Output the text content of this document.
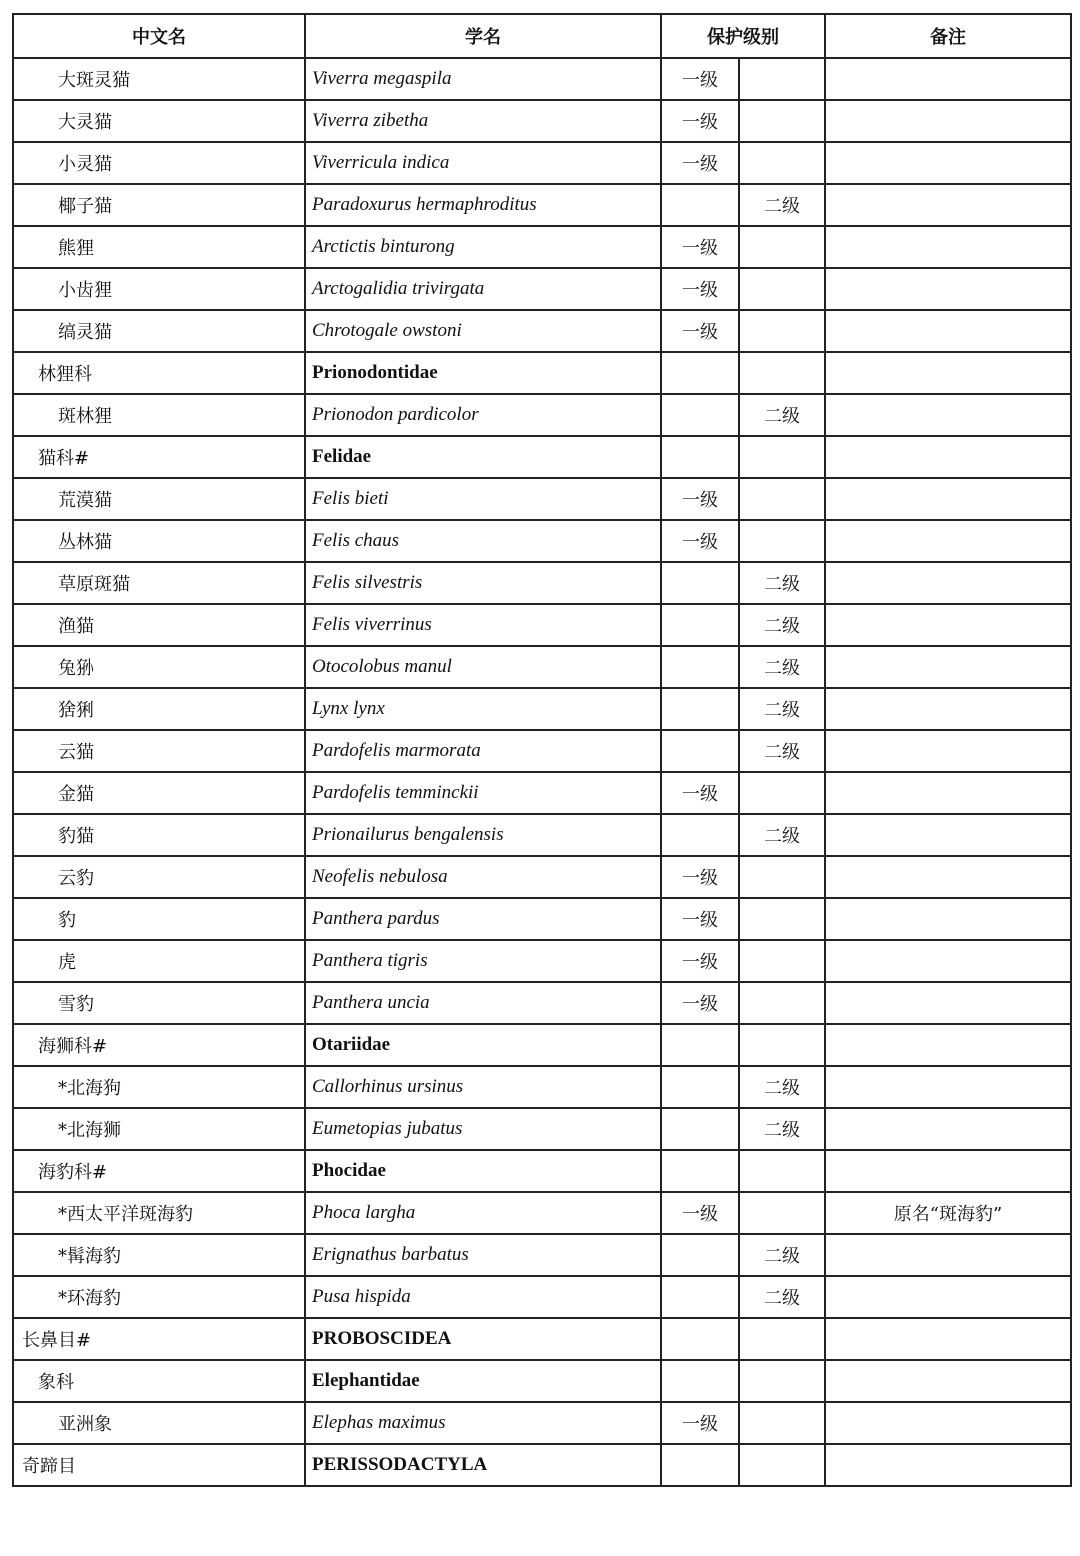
中文名	学名	保护级别		备注
大斑灵猫	Viverra megaspila	一级		
大灵猫	Viverra zibetha	一级		
小灵猫	Viverricula indica	一级		
椰子猫	Paradoxurus hermaphroditus		二级	
熊狸	Arctictis binturong	一级		
小齿狸	Arctogalidia trivirgata	一级		
缟灵猫	Chrotogale owstoni	一级		
林狸科	Prionodontidae			
斑林狸	Prionodon pardicolor		二级	
猫科#	Felidae			
荒漠猫	Felis bieti	一级		
丛林猫	Felis chaus	一级		
草原斑猫	Felis silvestris		二级	
渔猫	Felis viverrinus		二级	
兔狲	Otocolobus manul		二级	
猞猁	Lynx lynx		二级	
云猫	Pardofelis marmorata		二级	
金猫	Pardofelis temminckii	一级		
豹猫	Prionailurus bengalensis		二级	
云豹	Neofelis nebulosa	一级		
豹	Panthera pardus	一级		
虎	Panthera tigris	一级		
雪豹	Panthera uncia	一级		
海狮科#	Otariidae			
*北海狗	Callorhinus ursinus		二级	
*北海狮	Eumetopias jubatus		二级	
海豹科#	Phocidae			
*西太平洋斑海豹	Phoca largha	一级		原名“斑海豹”
*髯海豹	Erignathus barbatus		二级	
*环海豹	Pusa hispida		二级	
长鼻目#	PROBOSCIDEA			
象科	Elephantidae			
亚洲象	Elephas maximus	一级		
奇蹄目	PERISSODACTYLA			
